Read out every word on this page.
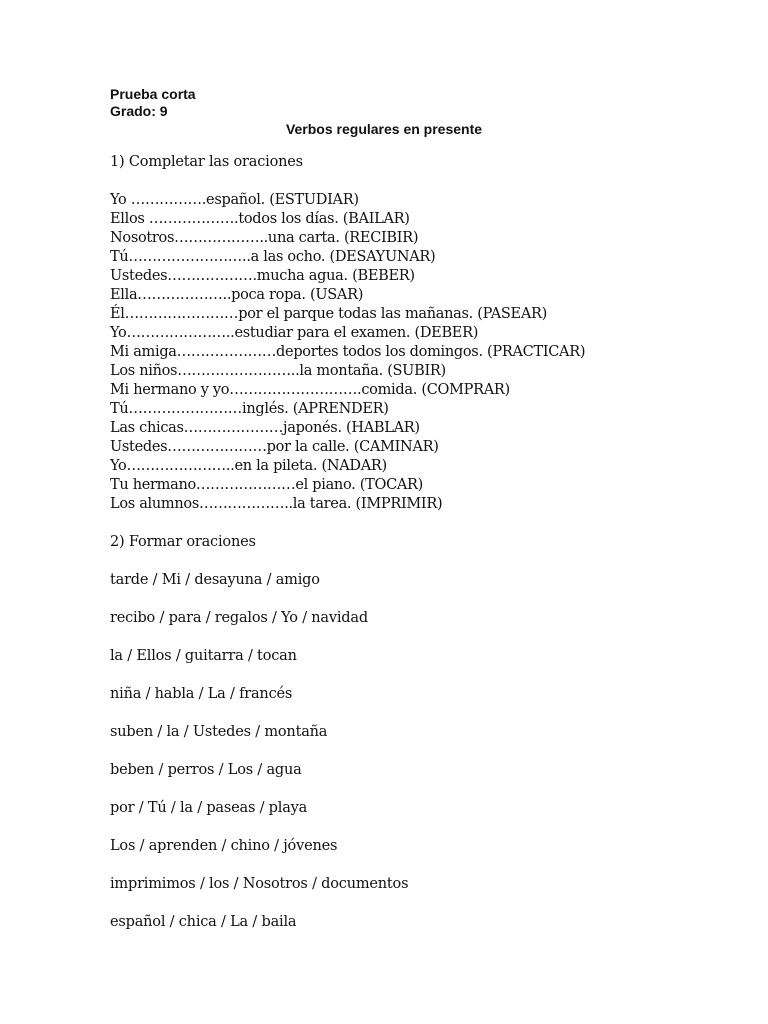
Prueba corta
Grado: 9
Verbos regulares en presente
1) Completar las oraciones
Yo …………….español. (ESTUDIAR)
Ellos ……………….todos los días. (BAILAR)
Nosotros………………..una carta. (RECIBIR)
Tú……………………..a las ocho. (DESAYUNAR)
Ustedes……………….mucha agua. (BEBER)
Ella………………..poca ropa. (USAR)
Él……………………por el parque todas las mañanas. (PASEAR)
Yo…………………..estudiar para el examen. (DEBER)
Mi amiga…………………deportes todos los domingos. (PRACTICAR)
Los niños……………………..la montaña. (SUBIR)
Mi hermano y yo……………………….comida. (COMPRAR)
Tú……………………inglés. (APRENDER)
Las chicas…………………japonés. (HABLAR)
Ustedes…………………por la calle. (CAMINAR)
Yo…………………..en la pileta. (NADAR)
Tu hermano…………………el piano. (TOCAR)
Los alumnos………………..la tarea. (IMPRIMIR)
2) Formar oraciones
tarde / Mi / desayuna / amigo
recibo / para / regalos / Yo / navidad
la / Ellos / guitarra / tocan
niña / habla / La / francés
suben / la / Ustedes / montaña
beben / perros / Los / agua
por / Tú / la / paseas / playa
Los / aprenden / chino / jóvenes
imprimimos / los / Nosotros / documentos
español / chica / La / baila
